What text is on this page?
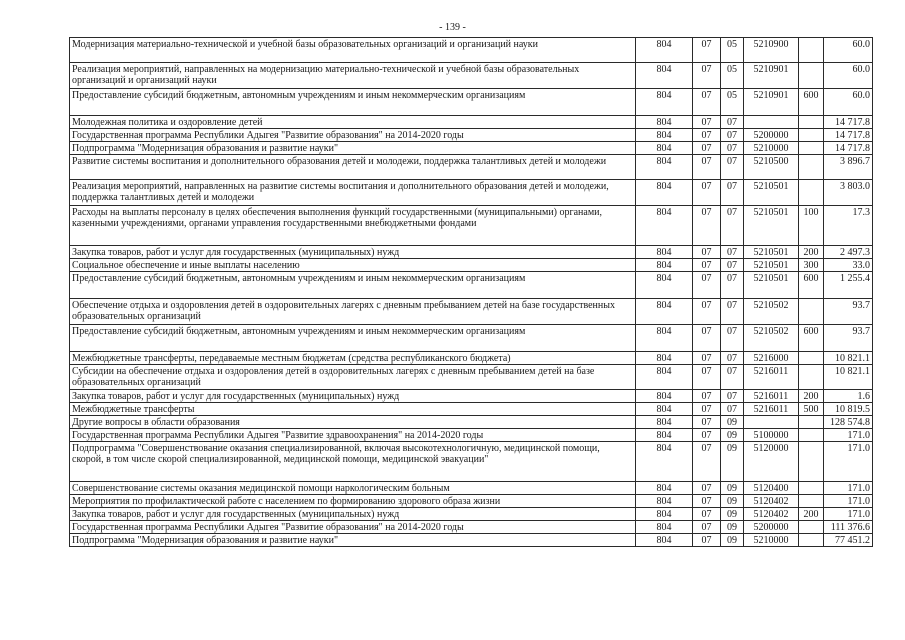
- 139 -
Модернизация материально-технической и учебной базы образовательных организаций и организаций науки	804	07	05	5210900		60.0
Реализация мероприятий, направленных на модернизацию материально-технической и учебной базы образовательных организаций и организаций науки	804	07	05	5210901		60.0
Предоставление субсидий бюджетным, автономным учреждениям и иным некоммерческим организациям	804	07	05	5210901	600	60.0
Молодежная политика и оздоровление детей	804	07	07			14 717.8
Государственная программа Республики Адыгея "Развитие образования" на 2014-2020 годы	804	07	07	5200000		14 717.8
Подпрограмма "Модернизация образования и развитие науки"	804	07	07	5210000		14 717.8
Развитие системы воспитания и дополнительного образования детей и молодежи, поддержка талантливых детей и молодежи	804	07	07	5210500		3 896.7
Реализация мероприятий, направленных на развитие системы воспитания и дополнительного образования детей и молодежи, поддержка талантливых детей и молодежи	804	07	07	5210501		3 803.0
Расходы на выплаты персоналу в целях обеспечения выполнения функций государственными (муниципальными) органами, казенными учреждениями, органами управления государственными внебюджетными фондами	804	07	07	5210501	100	17.3
Закупка товаров, работ и услуг для государственных (муниципальных) нужд	804	07	07	5210501	200	2 497.3
Социальное обеспечение и иные выплаты населению	804	07	07	5210501	300	33.0
Предоставление субсидий бюджетным, автономным учреждениям и иным некоммерческим организациям	804	07	07	5210501	600	1 255.4
Обеспечение отдыха и оздоровления детей в оздоровительных лагерях с дневным пребыванием детей на базе государственных образовательных организаций	804	07	07	5210502		93.7
Предоставление субсидий бюджетным, автономным учреждениям и иным некоммерческим организациям	804	07	07	5210502	600	93.7
Межбюджетные трансферты, передаваемые местным бюджетам (средства республиканского бюджета)	804	07	07	5216000		10 821.1
Субсидии на обеспечение отдыха и оздоровления детей в оздоровительных лагерях с дневным пребыванием детей на базе образовательных организаций	804	07	07	5216011		10 821.1
Закупка товаров, работ и услуг для государственных (муниципальных) нужд	804	07	07	5216011	200	1.6
Межбюджетные трансферты	804	07	07	5216011	500	10 819.5
Другие вопросы в области образования	804	07	09			128 574.8
Государственная программа Республики Адыгея "Развитие здравоохранения" на 2014-2020 годы	804	07	09	5100000		171.0
Подпрограмма "Совершенствование оказания специализированной, включая высокотехнологичную, медицинской помощи, скорой, в том числе скорой специализированной, медицинской помощи, медицинской эвакуации"	804	07	09	5120000		171.0
Совершенствование системы оказания медицинской помощи наркологическим больным	804	07	09	5120400		171.0
Мероприятия по профилактической работе с населением по формированию здорового образа жизни	804	07	09	5120402		171.0
Закупка товаров, работ и услуг для государственных (муниципальных) нужд	804	07	09	5120402	200	171.0
Государственная программа Республики Адыгея "Развитие образования" на 2014-2020 годы	804	07	09	5200000		111 376.6
Подпрограмма "Модернизация образования и развитие науки"	804	07	09	5210000		77 451.2
